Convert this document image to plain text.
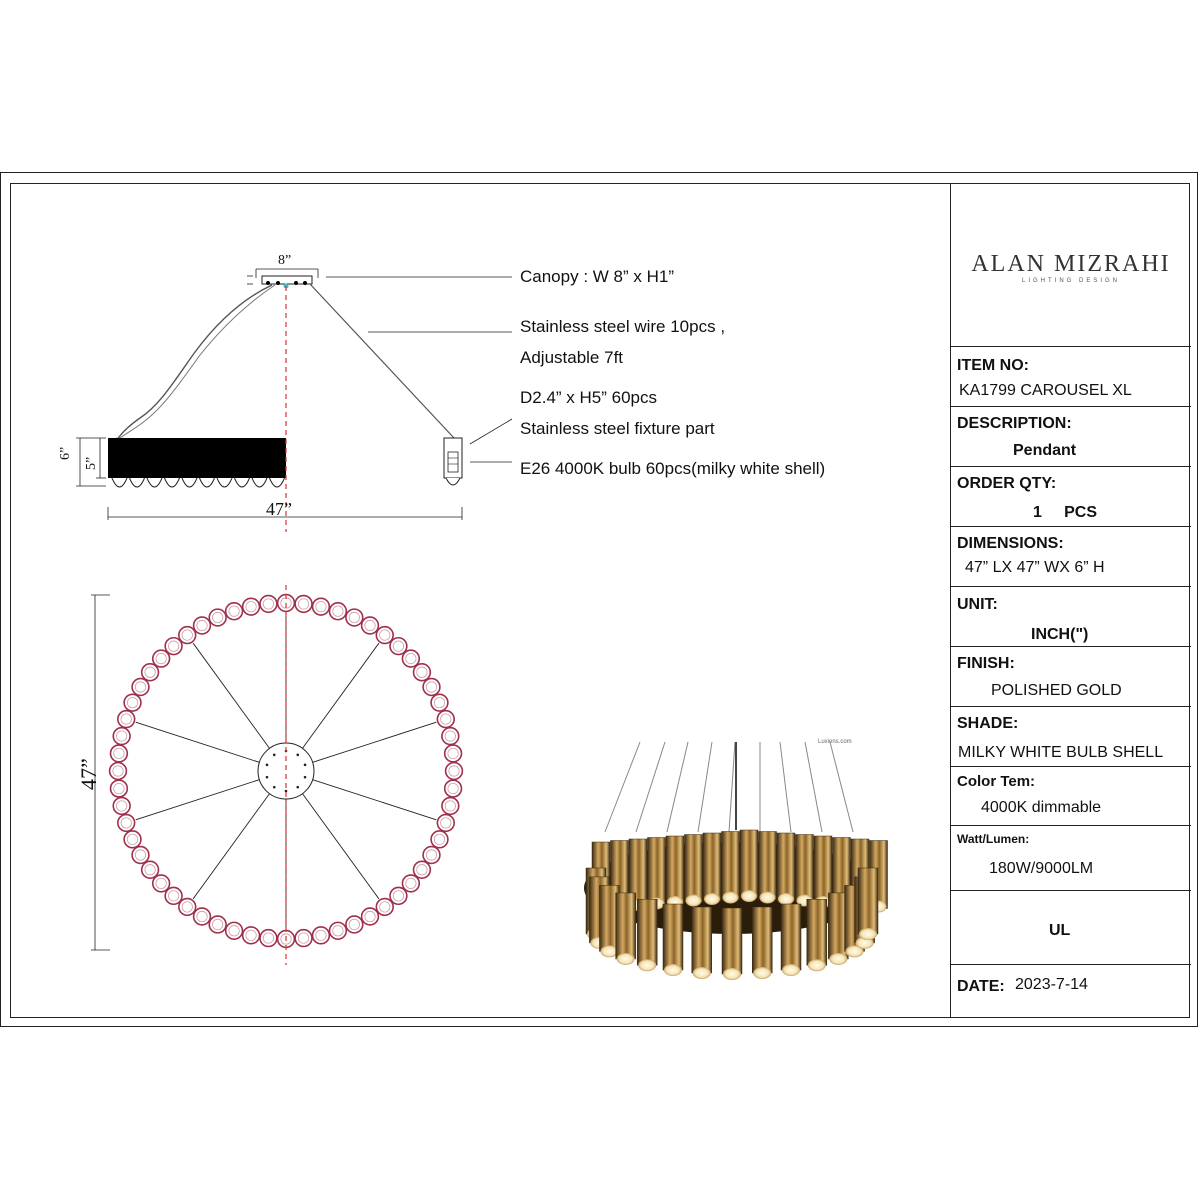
8”
6”
5”
47”
47”
Canopy : W 8” x H1”
Stainless steel wire 10pcs ,
Adjustable 7ft
D2.4” x H5” 60pcs
Stainless steel fixture part
E26 4000K bulb 60pcs(milky white shell)
Luxiens.com
ALAN MIZRAHI
LIGHTING DESIGN
ITEM NO:
KA1799 CAROUSEL XL
DESCRIPTION:
Pendant
ORDER QTY:
1     PCS
DIMENSIONS:
47” LX 47” WX 6” H
UNIT:
INCH(")
FINISH:
POLISHED GOLD
SHADE:
MILKY WHITE BULB SHELL
Color Tem:
4000K dimmable
Watt/Lumen:
180W/9000LM
UL
DATE: 2023-7-14
